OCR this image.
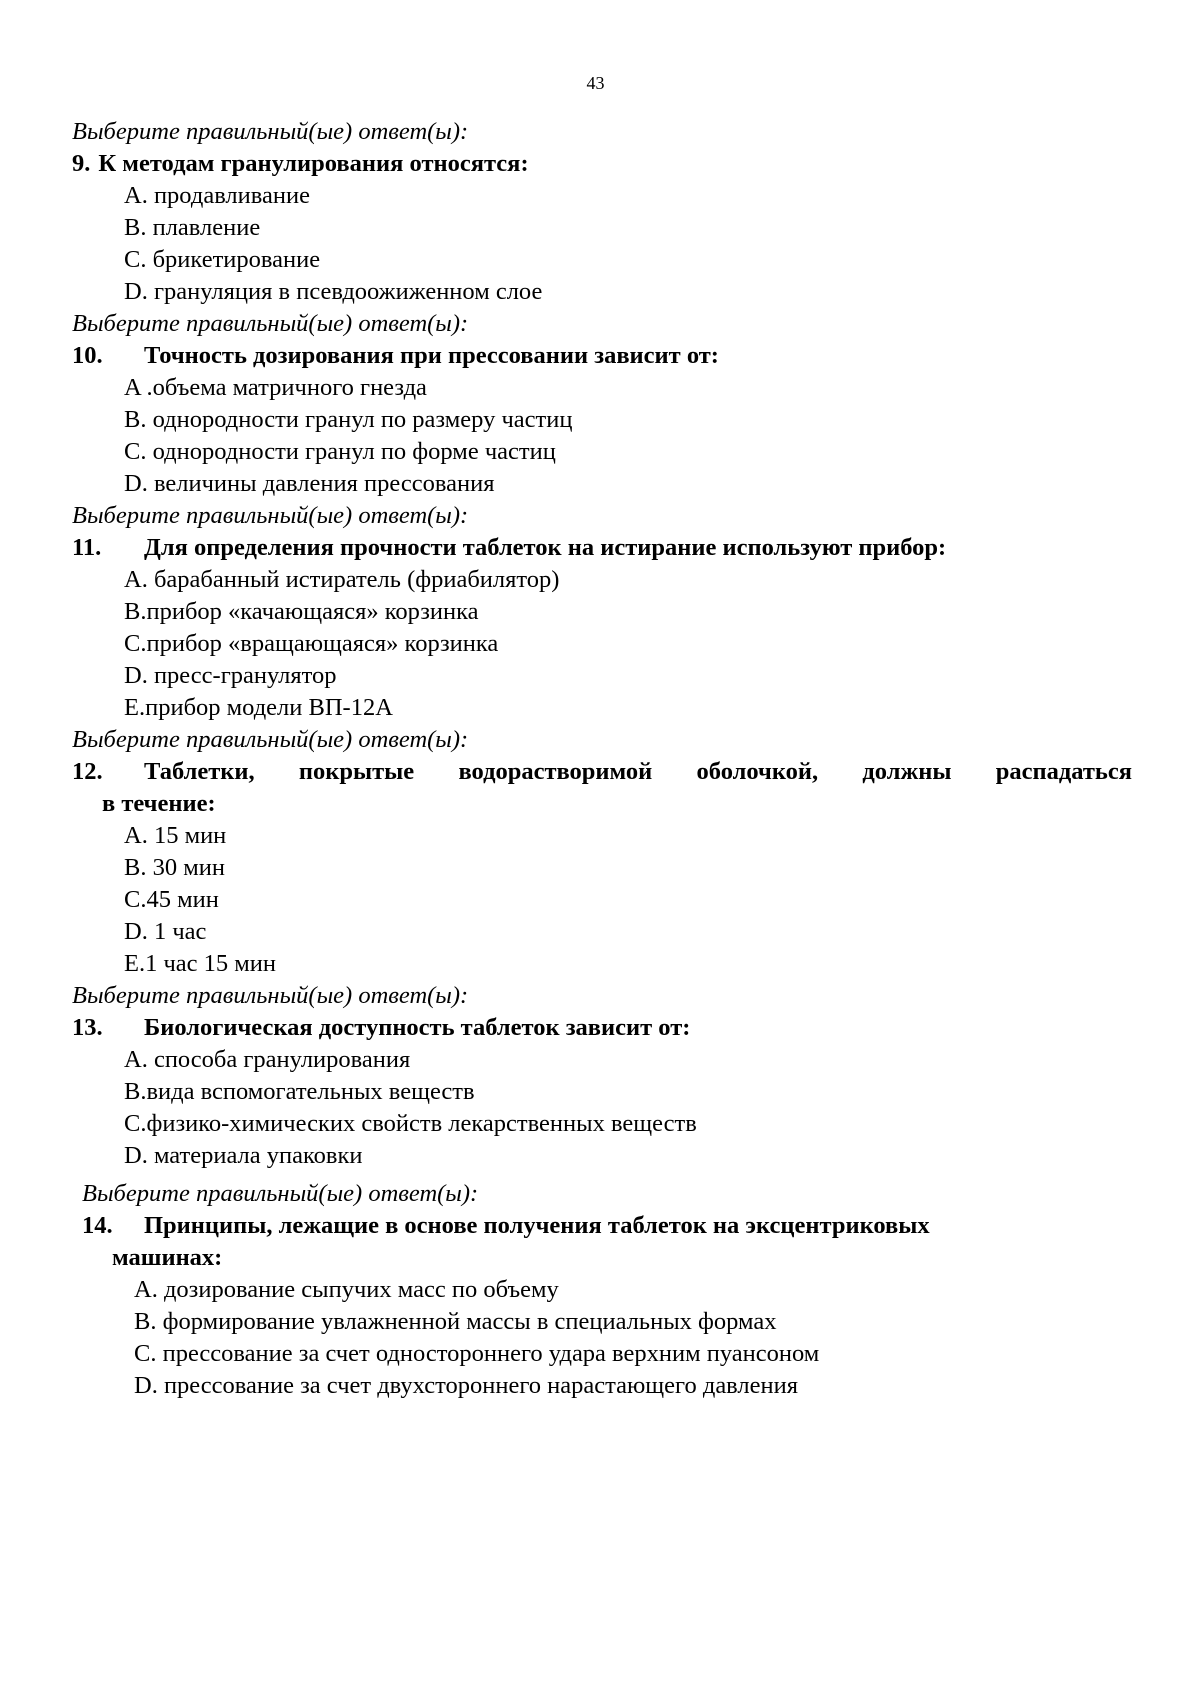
43
Выберите правильный(ые) ответ(ы):
9. К методам гранулирования относятся:
A. продавливание
B. плавление
C. брикетирование
D. грануляция в псевдоожиженном слое
Выберите правильный(ые) ответ(ы):
10.	Точность дозирования при прессовании зависит от:
A .объема матричного гнезда
B. однородности гранул по размеру частиц
C. однородности гранул по форме частиц
D. величины давления прессования
Выберите правильный(ые) ответ(ы):
11.	Для определения прочности таблеток на истирание используют прибор:
A. барабанный истиратель (фриабилятор)
B.прибор «качающаяся» корзинка
C.прибор «вращающаяся» корзинка
D. пресс-гранулятор
E.прибор модели ВП-12А
Выберите правильный(ые) ответ(ы):
12.	Таблетки, покрытые водорастворимой оболочкой, должны распадаться
в течение:
A. 15 мин
B. 30 мин
C.45 мин
D. 1 час
E.1 час 15 мин
Выберите правильный(ые) ответ(ы):
13.	Биологическая доступность таблеток зависит от:
A. способа гранулирования
B.вида вспомогательных веществ
C.физико-химических свойств лекарственных веществ
D. материала упаковки
Выберите правильный(ые) ответ(ы):
14.	Принципы, лежащие в основе получения таблеток на эксцентриковых
машинах:
A. дозирование сыпучих масс по объему
B. формирование увлажненной массы в специальных формах
C. прессование за счет одностороннего удара верхним пуансоном
D. прессование за счет двухстороннего нарастающего давления
